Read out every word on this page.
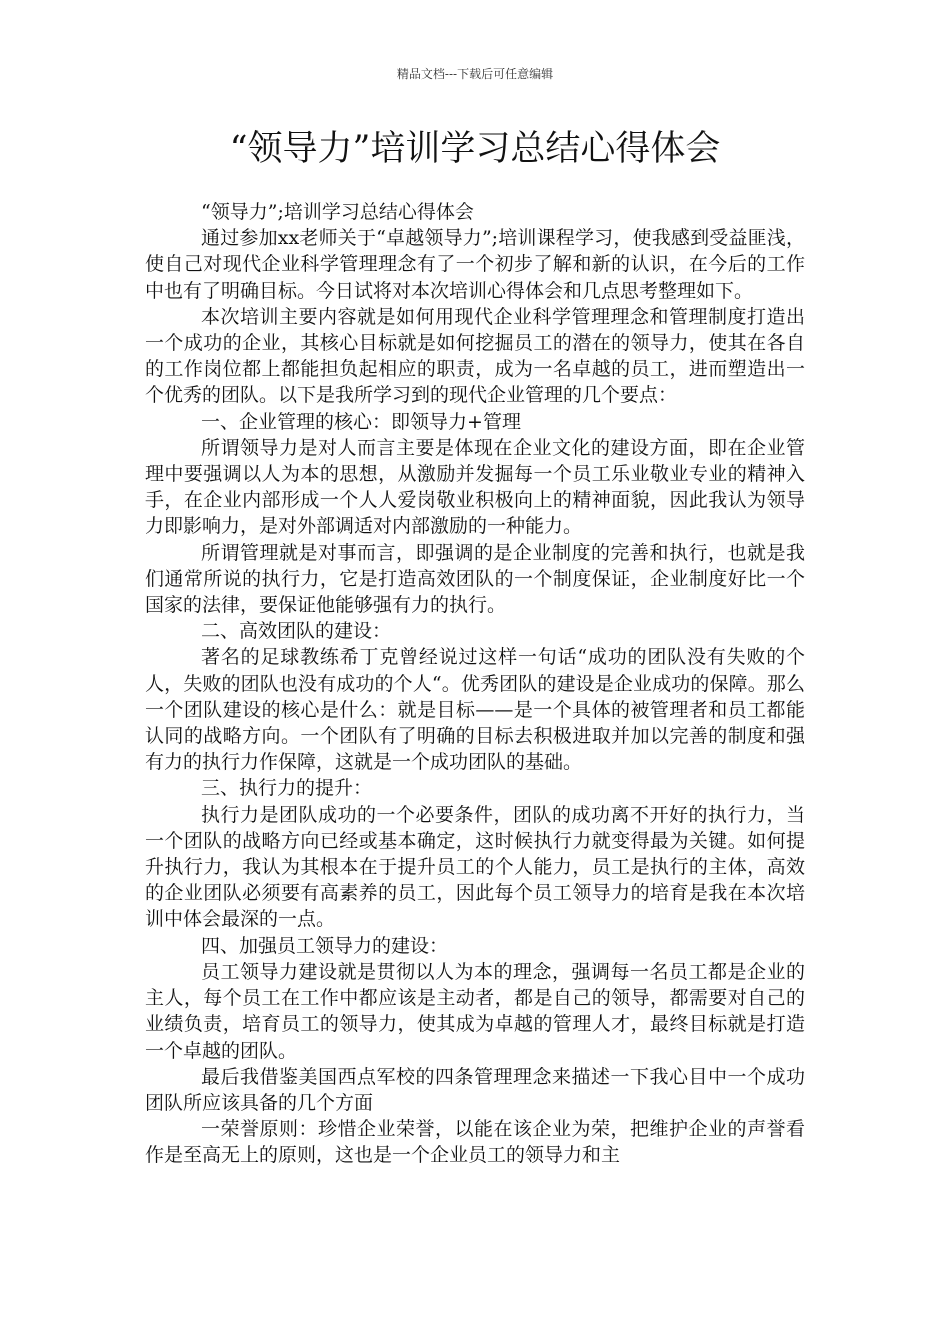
精品文档---下载后可任意编辑
“领导力”培训学习总结心得体会

“领导力”;培训学习总结心得体会

通过参加xx老师关于“卓越领导力”;培训课程学习，使我感到受益匪浅，使自己对现代企业科学管理理念有了一个初步了解和新的认识，在今后的工作中也有了明确目标。今日试将对本次培训心得体会和几点思考整理如下。

本次培训主要内容就是如何用现代企业科学管理理念和管理制度打造出一个成功的企业，其核心目标就是如何挖掘员工的潜在的领导力，使其在各自的工作岗位都上都能担负起相应的职责，成为一名卓越的员工，进而塑造出一个优秀的团队。以下是我所学习到的现代企业管理的几个要点：

一、企业管理的核心：即领导力+管理

所谓领导力是对人而言主要是体现在企业文化的建设方面，即在企业管理中要强调以人为本的思想，从激励并发掘每一个员工乐业敬业专业的精神入手，在企业内部形成一个人人爱岗敬业积极向上的精神面貌，因此我认为领导力即影响力，是对外部调适对内部激励的一种能力。

所谓管理就是对事而言，即强调的是企业制度的完善和执行，也就是我们通常所说的执行力，它是打造高效团队的一个制度保证，企业制度好比一个国家的法律，要保证他能够强有力的执行。

二、高效团队的建设：

著名的足球教练希丁克曾经说过这样一句话“成功的团队没有失败的个人，失败的团队也没有成功的个人“。优秀团队的建设是企业成功的保障。那么一个团队建设的核心是什么：就是目标——是一个具体的被管理者和员工都能认同的战略方向。一个团队有了明确的目标去积极进取并加以完善的制度和强有力的执行力作保障，这就是一个成功团队的基础。

三、执行力的提升：

执行力是团队成功的一个必要条件，团队的成功离不开好的执行力，当一个团队的战略方向已经或基本确定，这时候执行力就变得最为关键。如何提升执行力，我认为其根本在于提升员工的个人能力，员工是执行的主体，高效的企业团队必须要有高素养的员工，因此每个员工领导力的培育是我在本次培训中体会最深的一点。

四、加强员工领导力的建设：

员工领导力建设就是贯彻以人为本的理念，强调每一名员工都是企业的主人，每个员工在工作中都应该是主动者，都是自己的领导，都需要对自己的业绩负责，培育员工的领导力，使其成为卓越的管理人才，最终目标就是打造一个卓越的团队。

最后我借鉴美国西点军校的四条管理理念来描述一下我心目中一个成功团队所应该具备的几个方面

一荣誉原则：珍惜企业荣誉，以能在该企业为荣，把维护企业的声誉看作是至高无上的原则，这也是一个企业员工的领导力和主
